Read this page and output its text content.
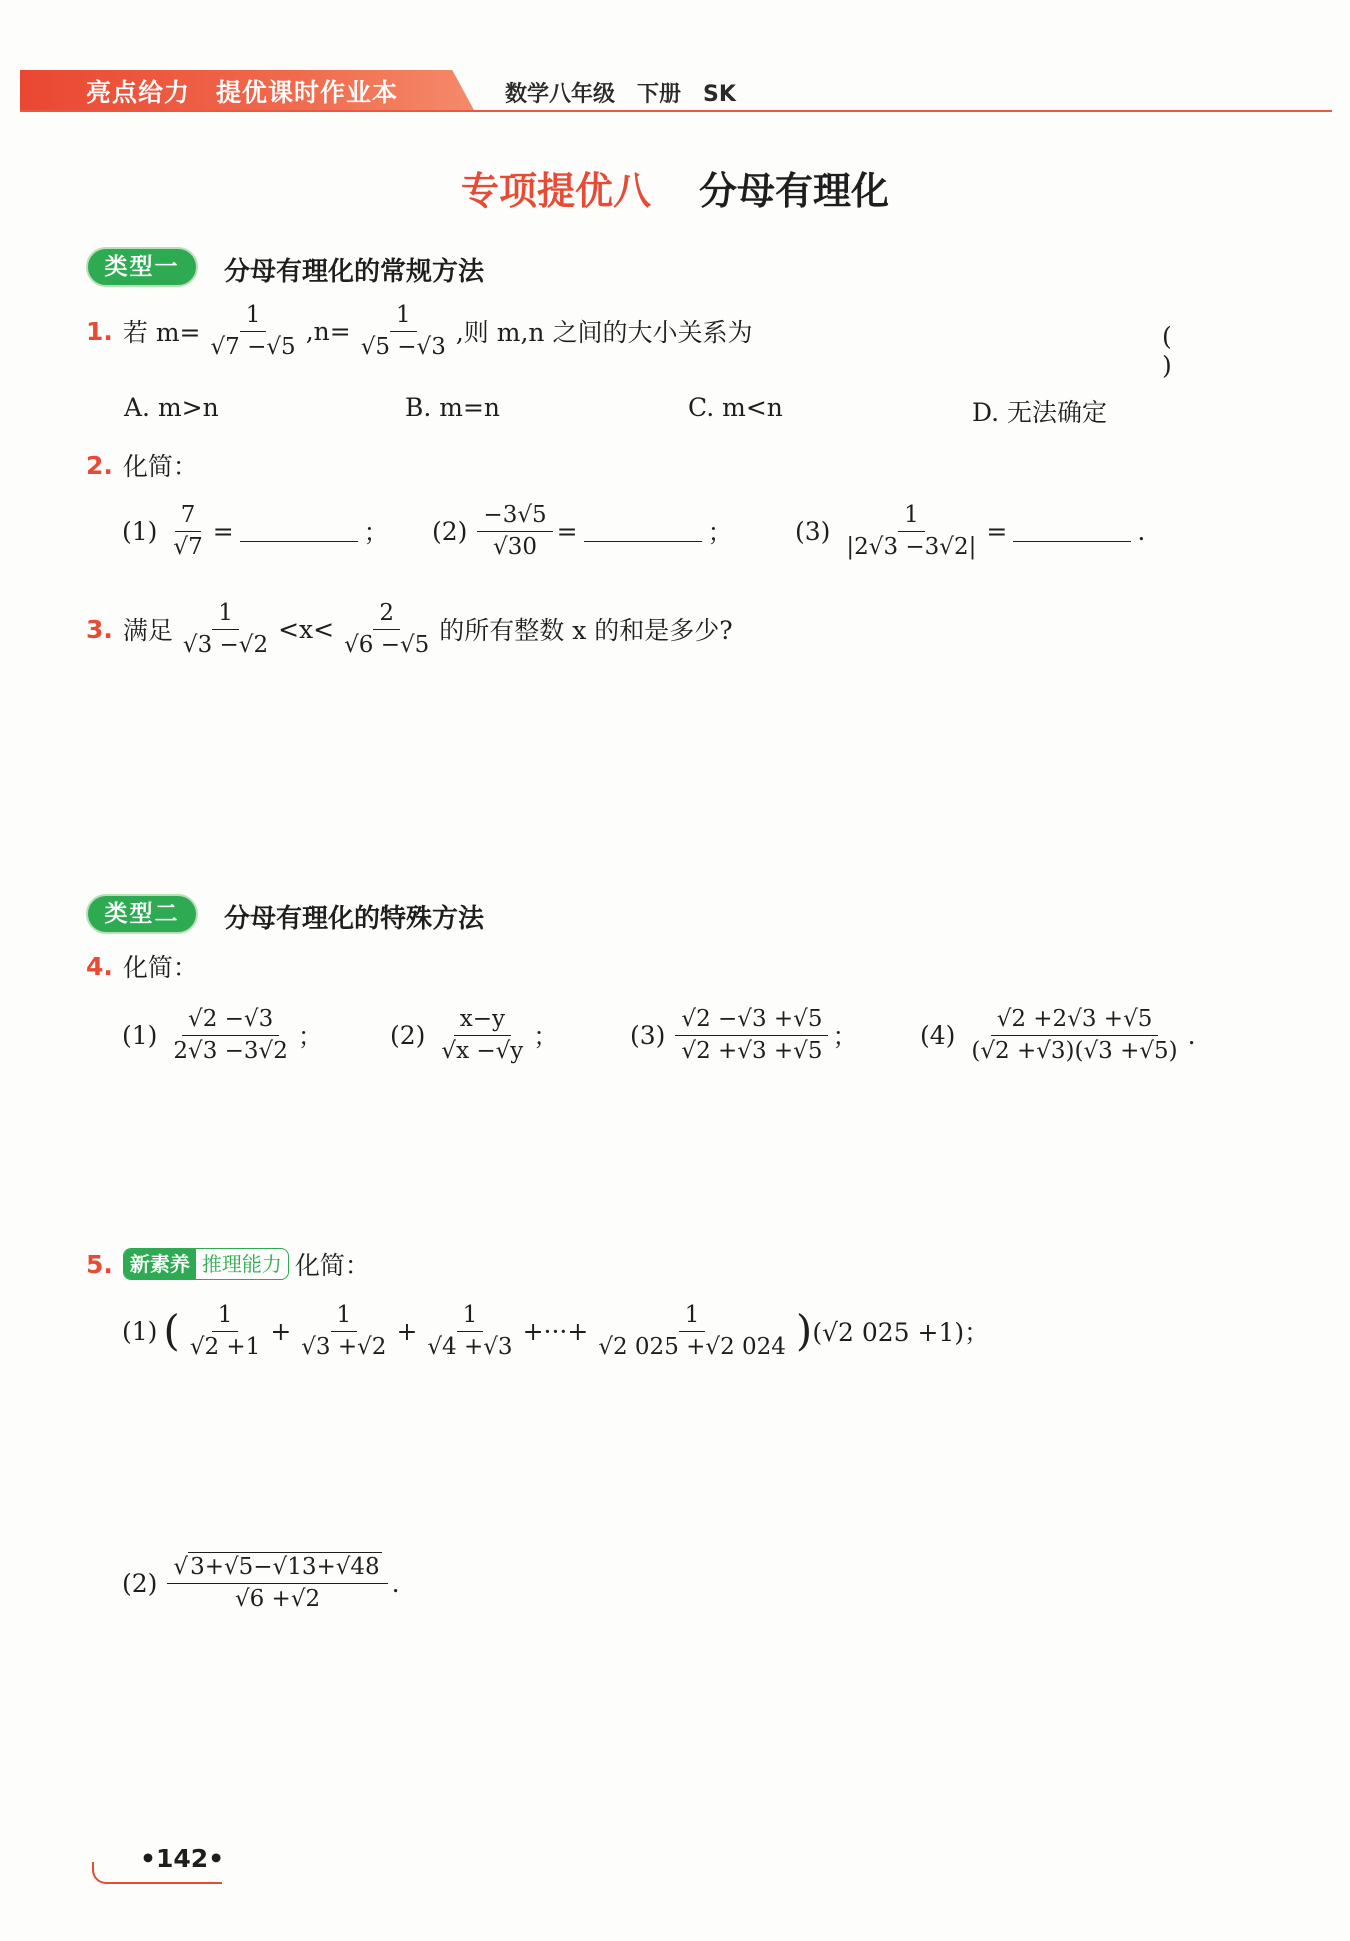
亮点给力　提优课时作业本	数学八年级　下册　SK
专项提优八 分母有理化
类型一	分母有理化的常规方法
1. 若 $m= \frac{1}{√7 -√5} ,n= \frac{1}{√5 -√3}$ ,则 m,n 之间的大小关系为	( )
A. m>n	B. m=n	C. m<n	D. 无法确定
2. 化简：
$(1) \frac{7}{√7}$ =	； $(2) \frac{-3√5}{√30}$ =	； $(3) \frac{1}{|2√3 -3√2|}$ =	.
3. 满足 $\frac{1}{√3 -√2} <x< \frac{2}{√6 -√5}$ 的所有整数 x 的和是多少?
类型二	分母有理化的特殊方法
4. 化简：
$(1) \frac{√2 -√3}{2√3 -3√2}$ ；	$(2) \frac{x-y}{√x -√y}$ ；	$(3) \frac{√2 -√3 +√5}{√2 +√3 +√5}$ ；	$(4) \frac{√2 +2√3 +√5}{(√2 +√3)(√3 +√5)}$ .
5. 新素养 推理能力 化简：
(1) ( $\frac{1}{√2 +1} + \frac{1}{√3 +√2} + \frac{1}{√4 +√3}$ +···+ $\frac{1}{√2 025 +√2 024}$ ) (√2 025 +1)；
$(2) \frac{√3+√5-√13+√48}{√6 +√2}$ .
•142•
